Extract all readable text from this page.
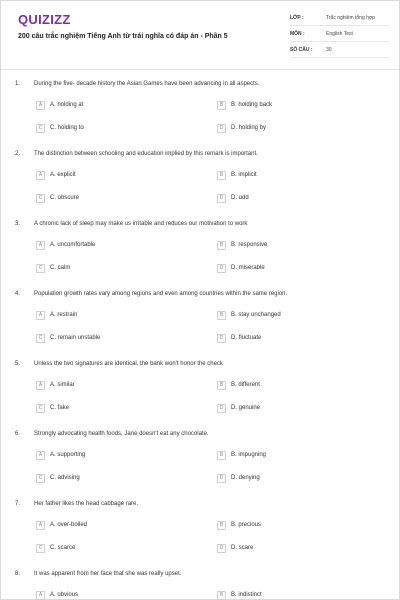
QUIZIZZ
200 câu trắc nghiệm Tiếng Anh từ trái nghĩa có đáp án - Phần 5
LỚP :	Trắc nghiệm tổng hợp
MÔN :	English Test
SỐ CÂU :	30
1. During the five- decade history the Asian Games have been advancing in all aspects.
A	A. holding at	B	B. holding back
C	C. holding to	D	D. holding by
2. The distinction between schooling and education implied by this remark is important.
A	A. explicit	B	B. implicit
C	C. obscure	D	D. odd
3. A chronic lack of sleep may make us irritable and reduces our motivation to work
A	A. uncomfortable	B	B. responsive
C	C. calm	D	D. miserable
4. Population growth rates vary among regions and even among countries within the same region.
A	A. restrain	B	B. stay unchanged
C	C. remain unstable	D	D. fluctuate
5. Unless the two signatures are identical, the bank won't honor the check
A	A. similar	B	B. different
C	C. fake	D	D. genuine
6. Strongly advocating health foods, Jane doesn't eat any chocolate.
A	A. supporting	B	B. impugning
C	C. advising	D	D. denying
7. Her father likes the head cabbage rare.
A	A. over-boiled	B	B. precious
C	C. scarce	D	D. scare
8. It was apparent from her face that she was really upset.
A	A. obvious	B	B. indistinct
